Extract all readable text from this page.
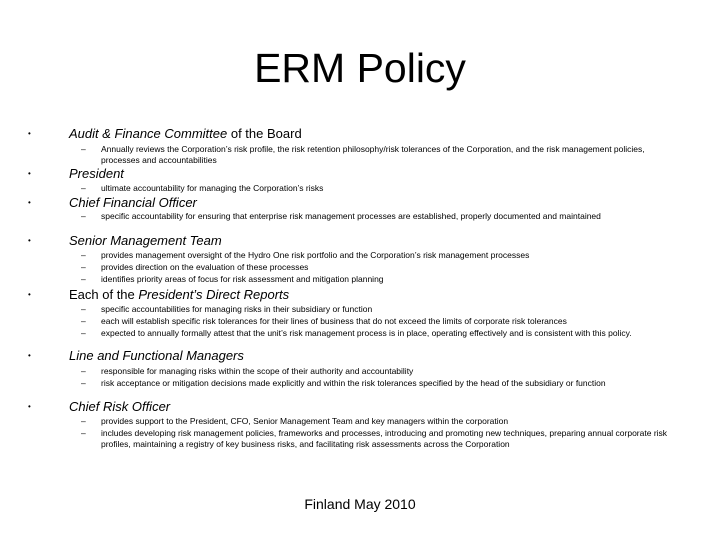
ERM Policy
•	Audit & Finance Committee of the Board
–	Annually reviews the Corporation’s risk profile, the risk retention philosophy/risk tolerances of the Corporation, and the risk management policies, processes and accountabilities
•	President
–	ultimate accountability for managing the Corporation’s risks
•	Chief Financial Officer
–	specific accountability for ensuring that enterprise risk management processes are established, properly documented and maintained
•	Senior Management Team
–	provides management oversight of the Hydro One risk portfolio and the Corporation’s risk management processes
–	provides direction on the evaluation of these processes
–	identifies priority areas of focus for risk assessment and mitigation planning
•	Each of the President’s Direct Reports
–	specific accountabilities for managing risks in their subsidiary or function
–	each will establish specific risk tolerances for their lines of business that do not exceed the limits of corporate risk tolerances
–	expected to annually formally attest that the unit’s risk management process is in place, operating effectively and is consistent with this policy.
•	Line and Functional Managers
–	responsible for managing risks within the scope of their authority and accountability
–	risk acceptance or mitigation decisions made explicitly and within the risk tolerances specified by the head of the subsidiary or function
•	Chief Risk Officer
–	provides support to the President, CFO, Senior Management Team and key managers within the corporation
–	includes developing risk management policies, frameworks and processes, introducing and promoting new techniques, preparing annual corporate risk profiles, maintaining a registry of key business risks, and facilitating risk assessments across the Corporation
Finland May 2010
